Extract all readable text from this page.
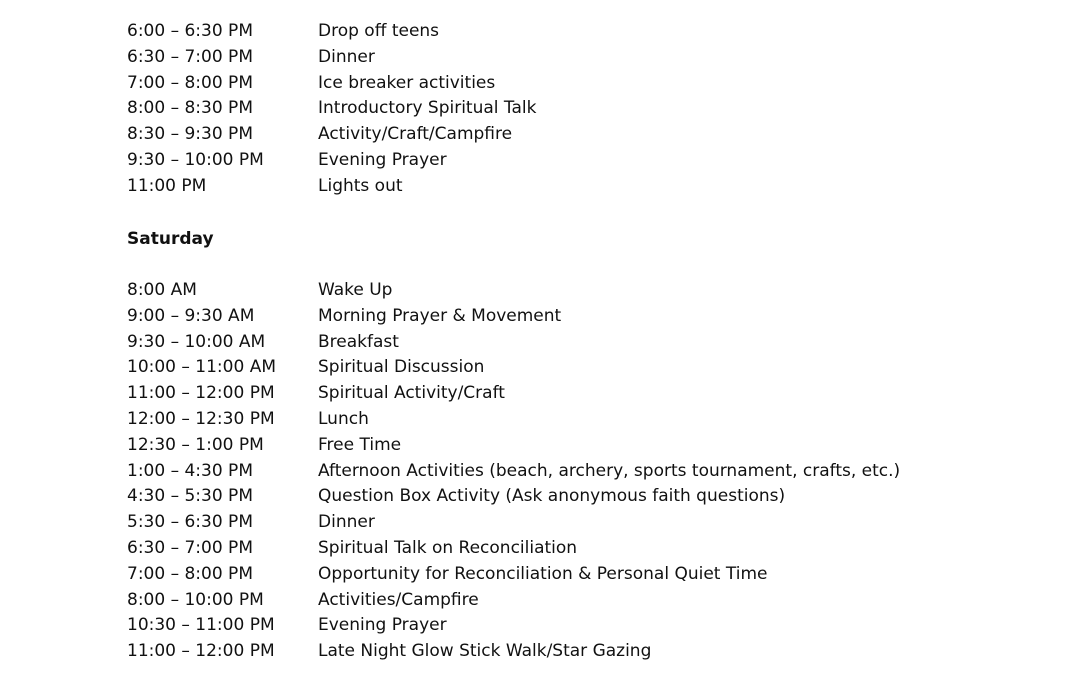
6:00 – 6:30 PM	Drop off teens
6:30 – 7:00 PM	Dinner
7:00 – 8:00 PM	Ice breaker activities
8:00 – 8:30 PM	Introductory Spiritual Talk
8:30 – 9:30 PM	Activity/Craft/Campfire
9:30 – 10:00 PM	Evening Prayer
11:00 PM	Lights out
Saturday
8:00 AM	Wake Up
9:00 – 9:30 AM	Morning Prayer & Movement
9:30 – 10:00 AM	Breakfast
10:00 – 11:00 AM	Spiritual Discussion
11:00 – 12:00 PM	Spiritual Activity/Craft
12:00 – 12:30 PM	Lunch
12:30 – 1:00 PM	Free Time
1:00 – 4:30 PM	Afternoon Activities (beach, archery, sports tournament, crafts, etc.)
4:30 – 5:30 PM	Question Box Activity (Ask anonymous faith questions)
5:30 – 6:30 PM	Dinner
6:30 – 7:00 PM	Spiritual Talk on Reconciliation
7:00 – 8:00 PM	Opportunity for Reconciliation & Personal Quiet Time
8:00 – 10:00 PM	Activities/Campfire
10:30 – 11:00 PM	Evening Prayer
11:00 – 12:00 PM	Late Night Glow Stick Walk/Star Gazing
